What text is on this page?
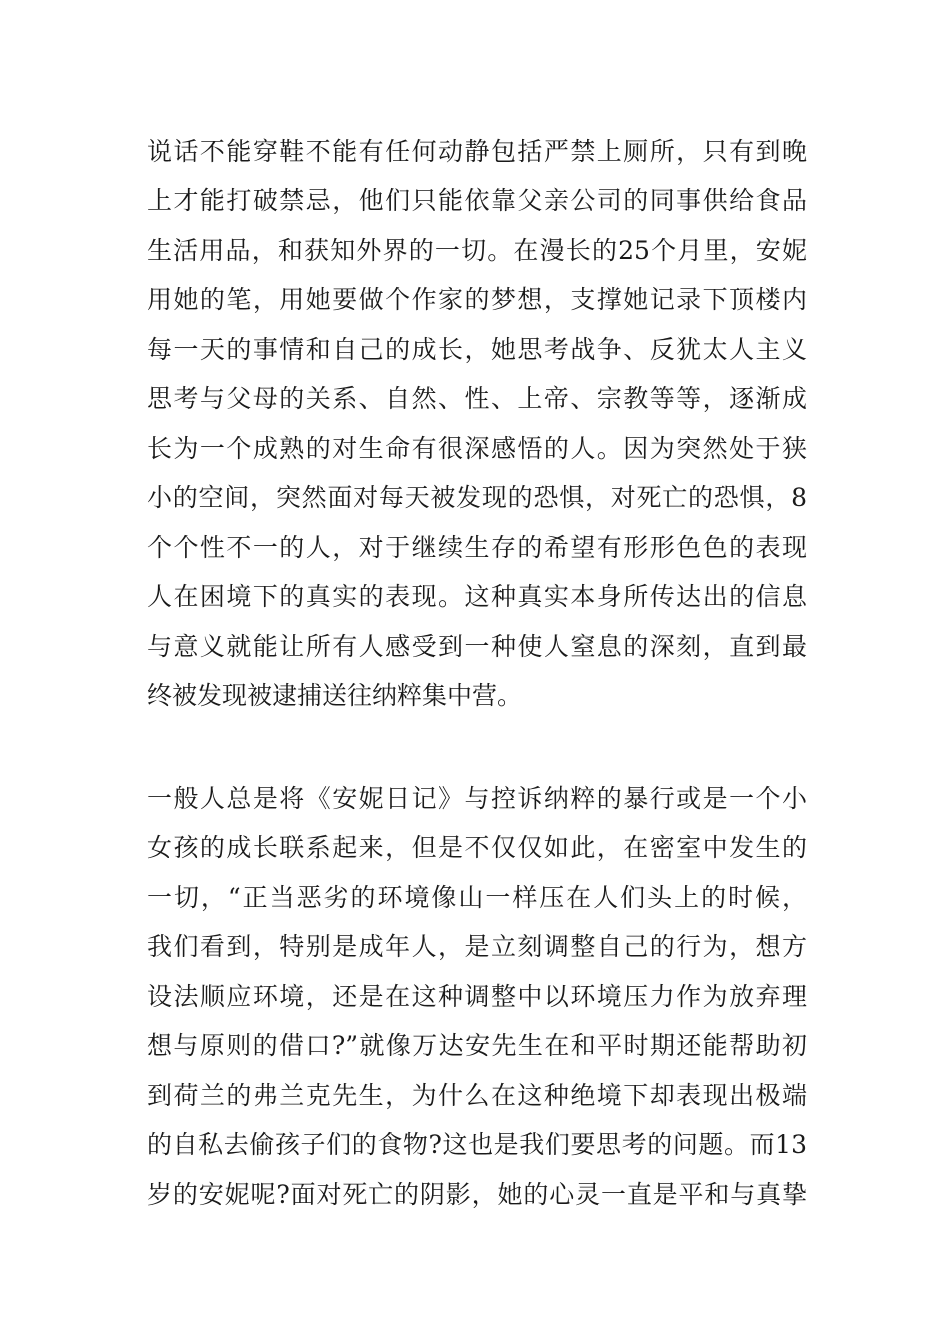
说话不能穿鞋不能有任何动静包括严禁上厕所，只有到晚
上才能打破禁忌，他们只能依靠父亲公司的同事供给食品
生活用品，和获知外界的一切。在漫长的25个月里，安妮
用她的笔，用她要做个作家的梦想，支撑她记录下顶楼内
每一天的事情和自己的成长，她思考战争、反犹太人主义
思考与父母的关系、自然、性、上帝、宗教等等，逐渐成
长为一个成熟的对生命有很深感悟的人。因为突然处于狭
小的空间，突然面对每天被发现的恐惧，对死亡的恐惧，8
个个性不一的人，对于继续生存的希望有形形色色的表现
人在困境下的真实的表现。这种真实本身所传达出的信息
与意义就能让所有人感受到一种使人窒息的深刻，直到最
终被发现被逮捕送往纳粹集中营。
一般人总是将《安妮日记》与控诉纳粹的暴行或是一个小
女孩的成长联系起来，但是不仅仅如此，在密室中发生的
一切，“正当恶劣的环境像山一样压在人们头上的时候，
我们看到，特别是成年人，是立刻调整自己的行为，想方
设法顺应环境，还是在这种调整中以环境压力作为放弃理
想与原则的借口?”就像万达安先生在和平时期还能帮助初
到荷兰的弗兰克先生，为什么在这种绝境下却表现出极端
的自私去偷孩子们的食物?这也是我们要思考的问题。而13
岁的安妮呢?面对死亡的阴影，她的心灵一直是平和与真挚
